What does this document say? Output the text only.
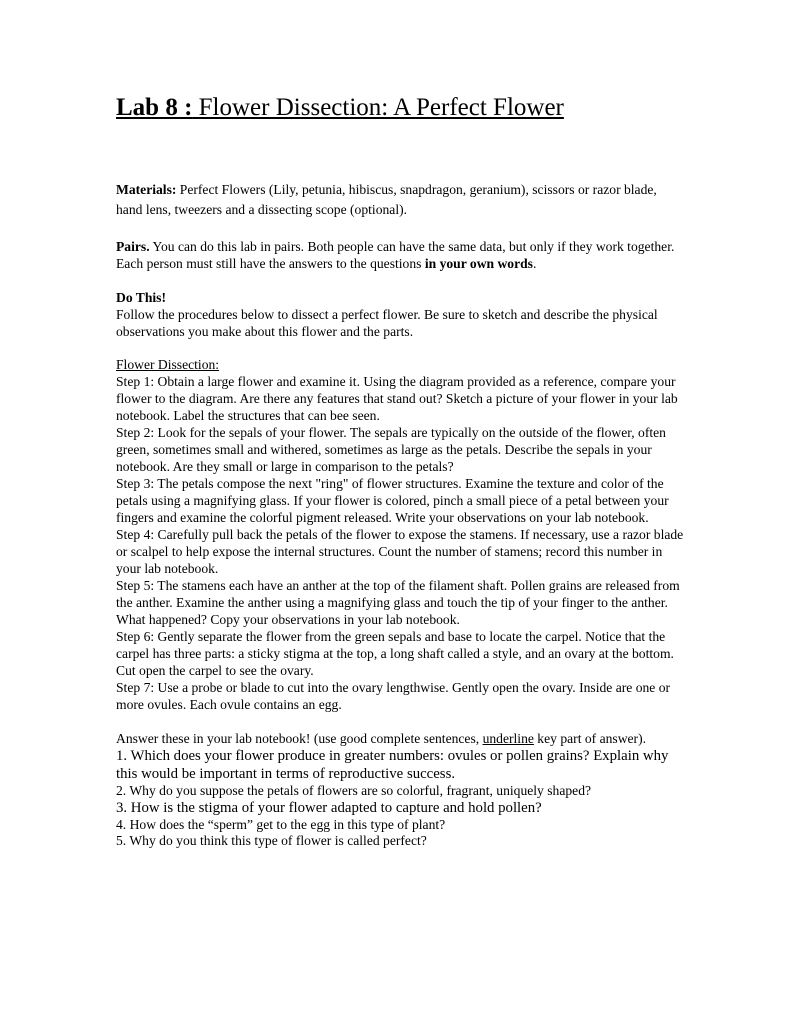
Lab 8 : Flower Dissection: A Perfect Flower

Materials: Perfect Flowers (Lily, petunia, hibiscus, snapdragon, geranium), scissors or razor blade, hand lens, tweezers and a dissecting scope (optional).

Pairs. You can do this lab in pairs. Both people can have the same data, but only if they work together. Each person must still have the answers to the questions in your own words.

Do This!
Follow the procedures below to dissect a perfect flower. Be sure to sketch and describe the physical observations you make about this flower and the parts.
Flower Dissection:

Step 1: Obtain a large flower and examine it. Using the diagram provided as a reference, compare your flower to the diagram. Are there any features that stand out? Sketch a picture of your flower in your lab notebook. Label the structures that can bee seen.

Step 2: Look for the sepals of your flower. The sepals are typically on the outside of the flower, often green, sometimes small and withered, sometimes as large as the petals. Describe the sepals in your notebook. Are they small or large in comparison to the petals?

Step 3: The petals compose the next "ring" of flower structures. Examine the texture and color of the petals using a magnifying glass. If your flower is colored, pinch a small piece of a petal between your fingers and examine the colorful pigment released. Write your observations on your lab notebook.

Step 4: Carefully pull back the petals of the flower to expose the stamens. If necessary, use a razor blade or scalpel to help expose the internal structures. Count the number of stamens; record this number in your lab notebook.

Step 5: The stamens each have an anther at the top of the filament shaft. Pollen grains are released from the anther. Examine the anther using a magnifying glass and touch the tip of your finger to the anther. What happened? Copy your observations in your lab notebook.

Step 6: Gently separate the flower from the green sepals and base to locate the carpel. Notice that the carpel has three parts: a sticky stigma at the top, a long shaft called a style, and an ovary at the bottom. Cut open the carpel to see the ovary.

Step 7: Use a probe or blade to cut into the ovary lengthwise. Gently open the ovary. Inside are one or more ovules. Each ovule contains an egg.

Answer these in your lab notebook! (use good complete sentences, underline key part of answer).

1. Which does your flower produce in greater numbers: ovules or pollen grains? Explain why this would be important in terms of reproductive success.

2. Why do you suppose the petals of flowers are so colorful, fragrant, uniquely shaped?

3. How is the stigma of your flower adapted to capture and hold pollen?

4. How does the “sperm” get to the egg in this type of plant?

5. Why do you think this type of flower is called perfect?
